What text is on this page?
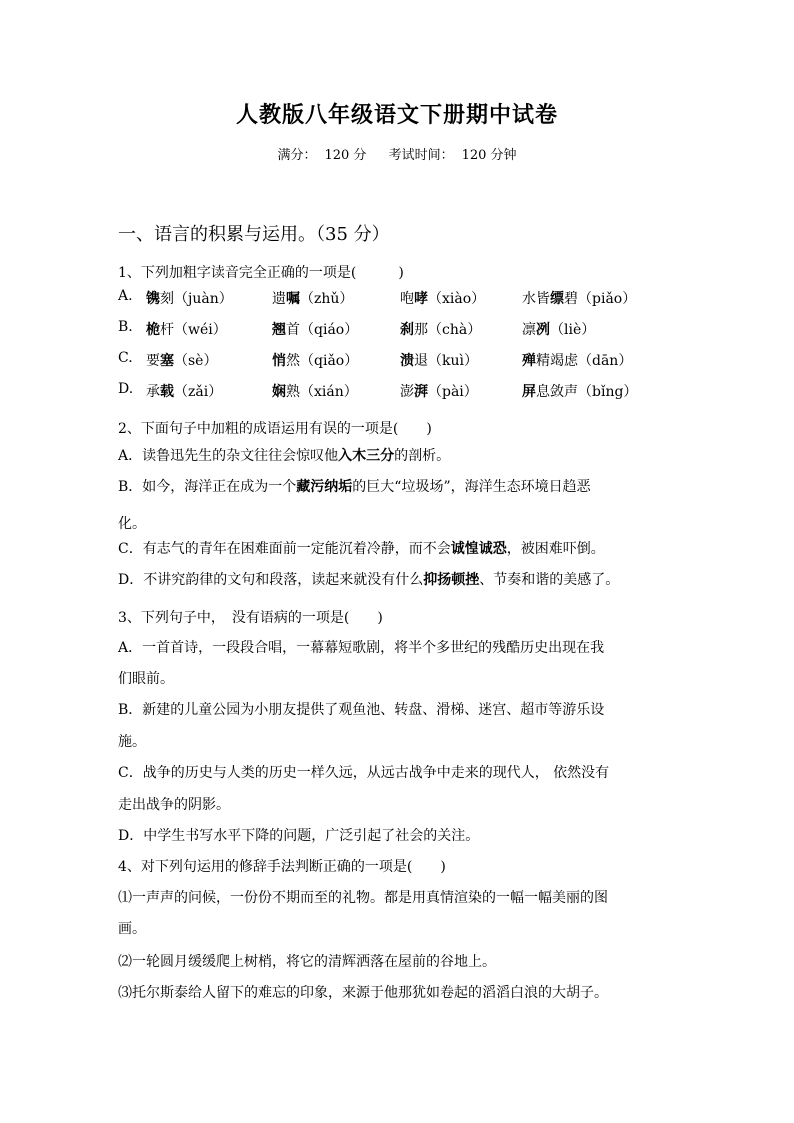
人教版八年级语文下册期中试卷
满分： 120 分 考试时间： 120 分钟
一、语言的积累与运用。（35 分）
1、下列加粗字读音完全正确的一项是(　　　)
A. 镌刻（juàn）	遗嘱（zhǔ）	咆哮（xiào）	水皆缥碧（piǎo）
B. 桅杆（wéi）	翘首（qiáo）	刹那（chà）	凛冽（liè）
C. 要塞（sè）	悄然（qiǎo）	溃退（kuì）	殚精竭虑（dān）
D. 承载（zǎi）	娴熟（xián）	澎湃（pài）	屏息敛声（bǐng）
2、下面句子中加粗的成语运用有误的一项是(　　)
A．读鲁迅先生的杂文往往会惊叹他入木三分的剖析。
B．如今，海洋正在成为一个藏污纳垢的巨大“垃圾场”，海洋生态环境日趋恶
化。
C．有志气的青年在困难面前一定能沉着冷静，而不会诚惶诚恐，被困难吓倒。
D．不讲究韵律的文句和段落，读起来就没有什么抑扬顿挫、节奏和谐的美感了。
3、下列句子中，　没有语病的一项是(　　)
A．一首首诗，一段段合唱，一幕幕短歌剧，将半个多世纪的残酷历史出现在我
们眼前。
B．新建的儿童公园为小朋友提供了观鱼池、转盘、滑梯、迷宫、超市等游乐设
施。
C．战争的历史与人类的历史一样久远，从远古战争中走来的现代人， 依然没有
走出战争的阴影。
D．中学生书写水平下降的问题，广泛引起了社会的关注。
4、对下列句运用的修辞手法判断正确的一项是(　　)
⑴一声声的问候，一份份不期而至的礼物。都是用真情渲染的一幅一幅美丽的图
画。
⑵一轮圆月缓缓爬上树梢，将它的清辉洒落在屋前的谷地上。
⑶托尔斯泰给人留下的难忘的印象，来源于他那犹如卷起的滔滔白浪的大胡子。
